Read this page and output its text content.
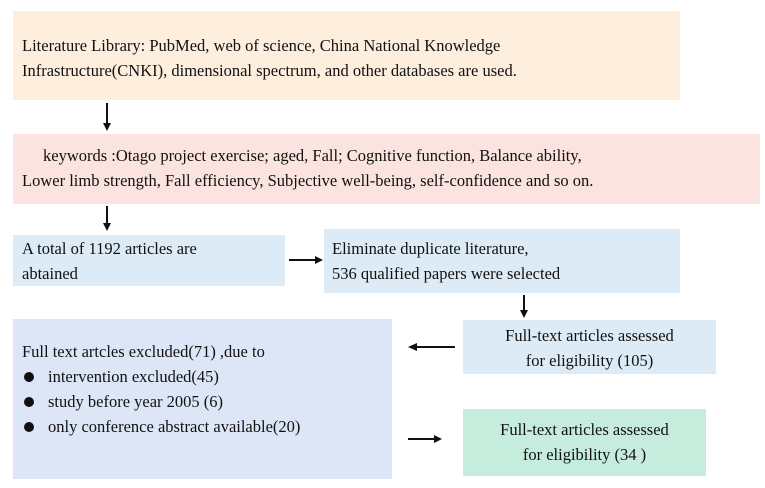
Literature Library: PubMed, web of science, China National Knowledge

Infrastructure(CNKI), dimensional spectrum, and other databases are used.

keywords :Otago project exercise; aged, Fall; Cognitive function, Balance ability,

Lower limb strength, Fall efficiency, Subjective well-being, self-confidence and so on.

A total of 1192 articles are

abtained

Eliminate duplicate literature,

536 qualified papers were selected

Full-text articles assessed

for eligibility (105)

Full text artcles excluded(71) ,due to

intervention excluded(45)
study before year 2005 (6)
only conference abstract available(20)	Full-text articles assessed

for eligibility (34 )
